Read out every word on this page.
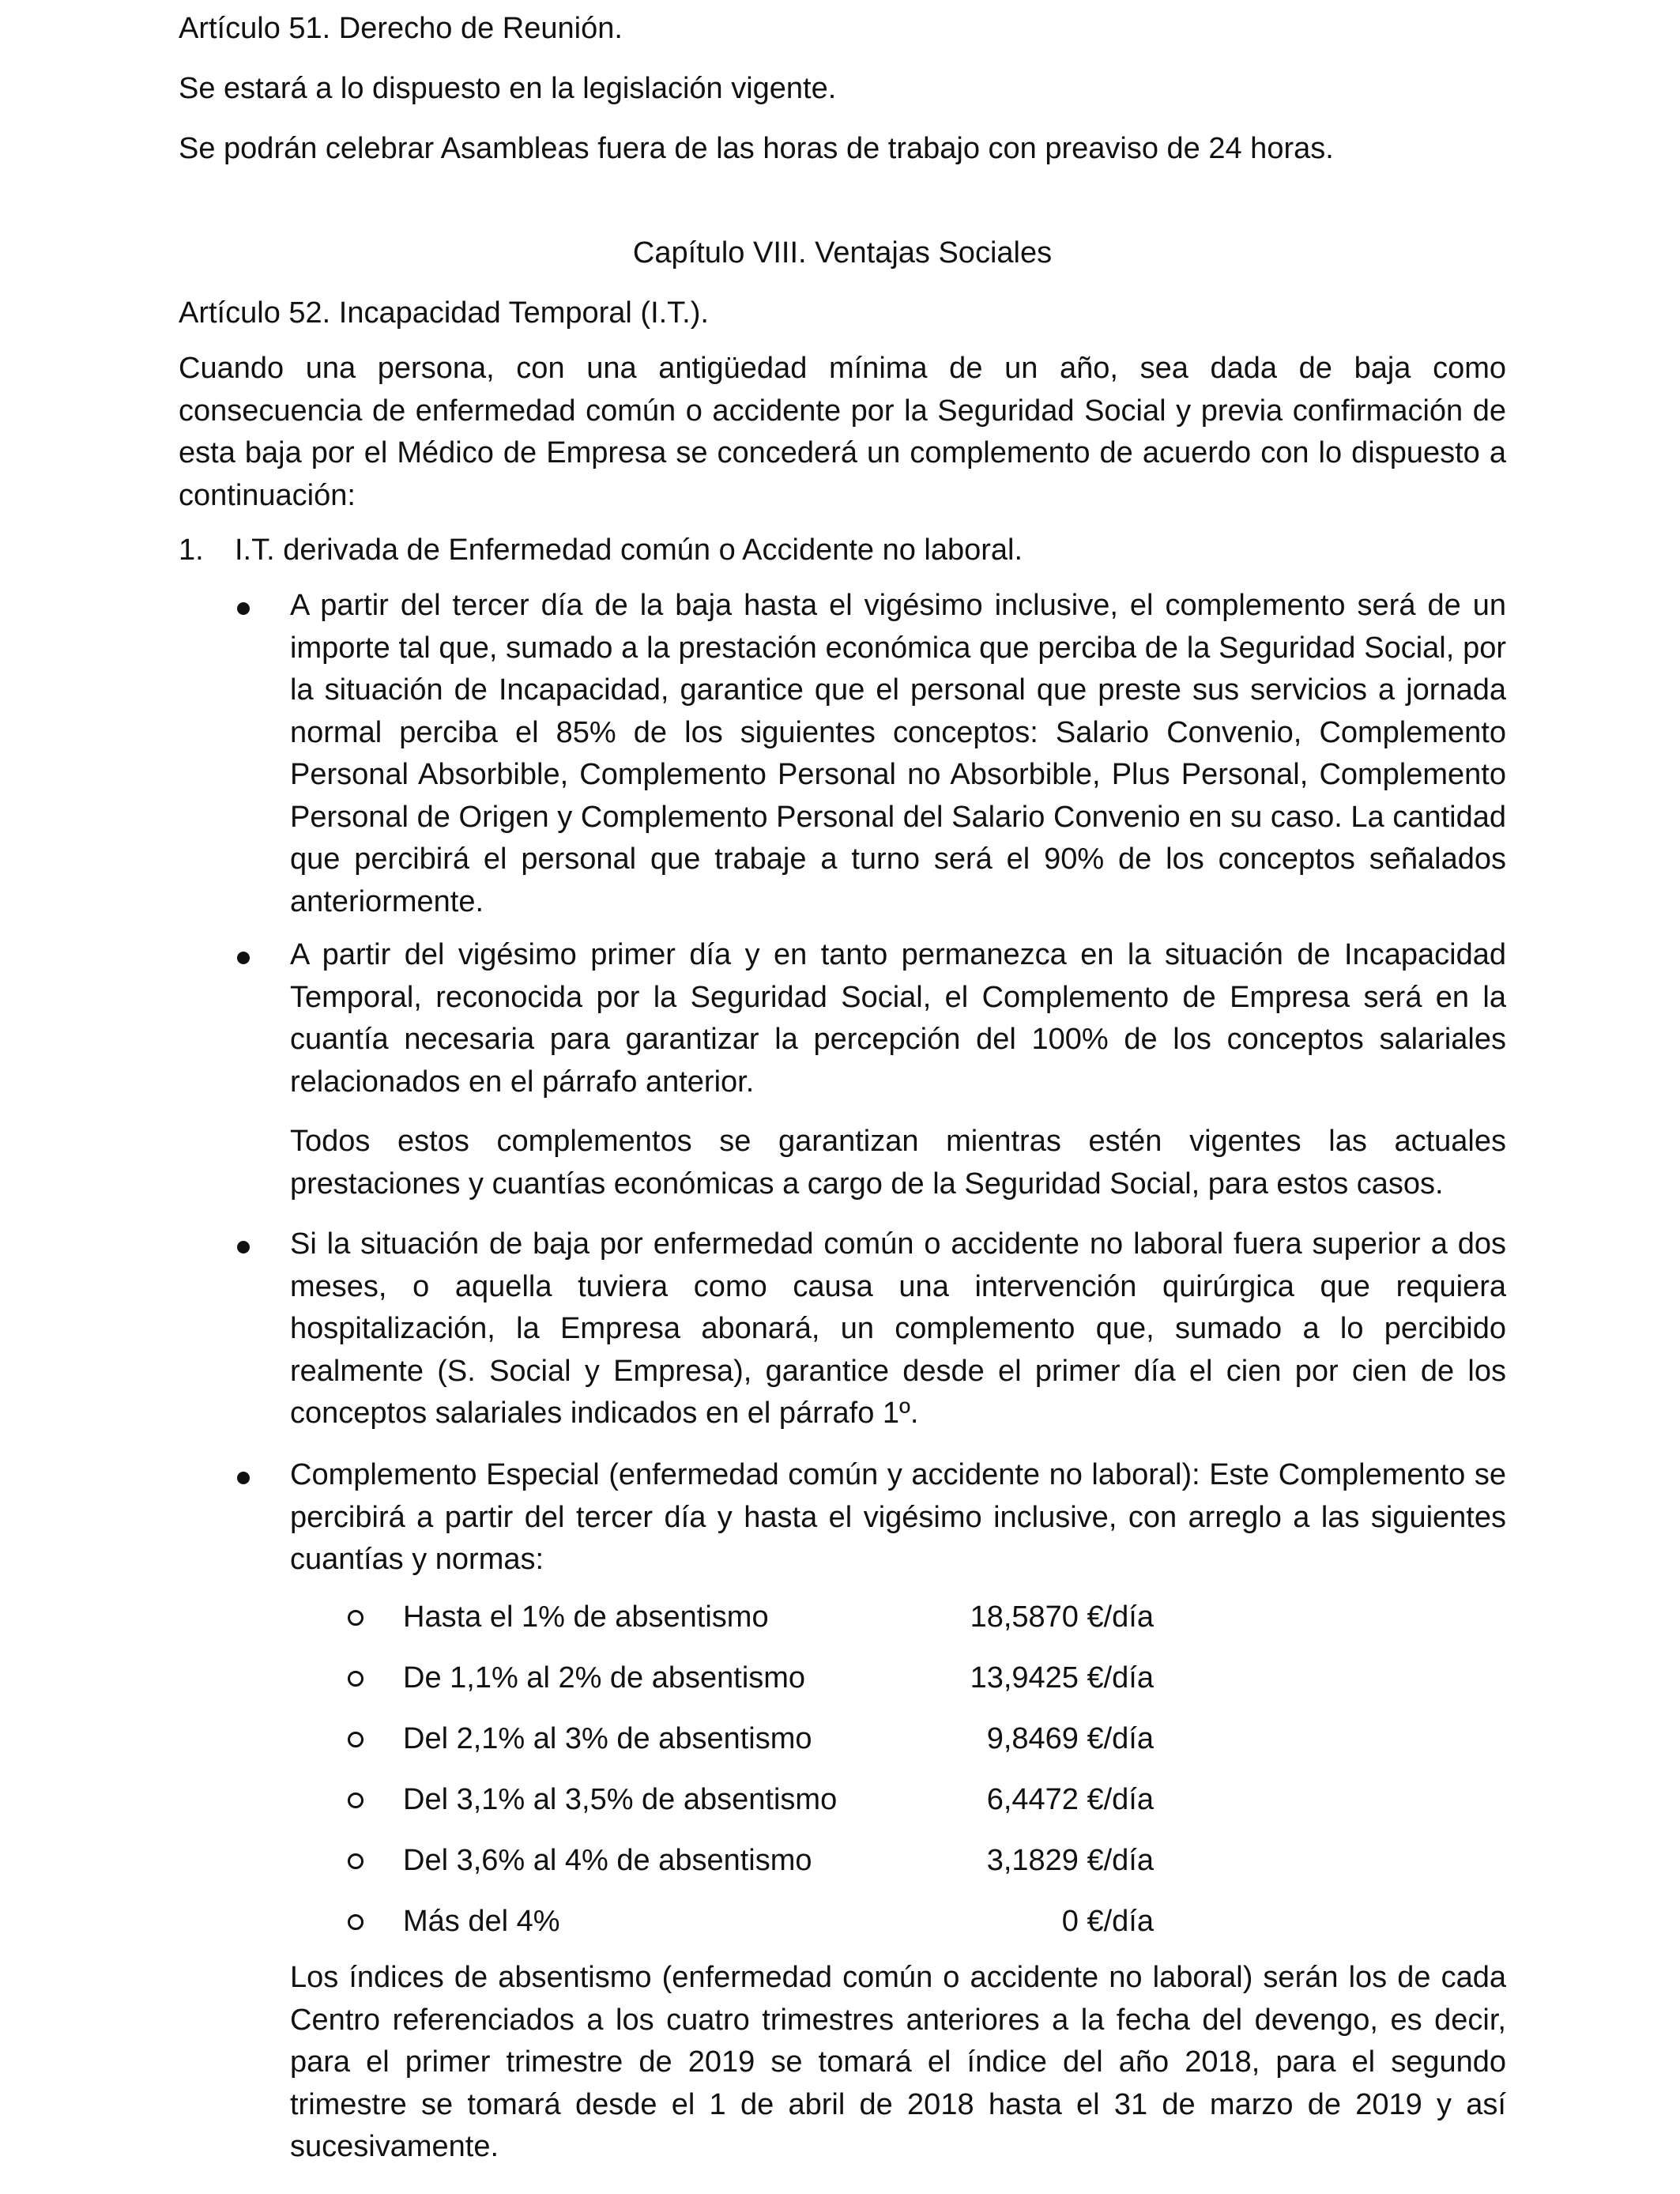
Artículo 51. Derecho de Reunión.

Se estará a lo dispuesto en la legislación vigente.

Se podrán celebrar Asambleas fuera de las horas de trabajo con preaviso de 24 horas.

Capítulo VIII. Ventajas Sociales

Artículo 52. Incapacidad Temporal (I.T.).

Cuando una persona, con una antigüedad mínima de un año, sea dada de baja como consecuencia de enfermedad común o accidente por la Seguridad Social y previa confirmación de esta baja por el Médico de Empresa se concederá un complemento de acuerdo con lo dispuesto a continuación:

1. I.T. derivada de Enfermedad común o Accidente no laboral.

A partir del tercer día de la baja hasta el vigésimo inclusive, el complemento será de un importe tal que, sumado a la prestación económica que perciba de la Seguridad Social, por la situación de Incapacidad, garantice que el personal que preste sus servicios a jornada normal perciba el 85% de los siguientes conceptos: Salario Convenio, Complemento Personal Absorbible, Complemento Personal no Absorbible, Plus Personal, Complemento Personal de Origen y Complemento Personal del Salario Convenio en su caso. La cantidad que percibirá el personal que trabaje a turno será el 90% de los conceptos señalados anteriormente.

A partir del vigésimo primer día y en tanto permanezca en la situación de Incapacidad Temporal, reconocida por la Seguridad Social, el Complemento de Empresa será en la cuantía necesaria para garantizar la percepción del 100% de los conceptos salariales relacionados en el párrafo anterior.

Todos estos complementos se garantizan mientras estén vigentes las actuales prestaciones y cuantías económicas a cargo de la Seguridad Social, para estos casos.

Si la situación de baja por enfermedad común o accidente no laboral fuera superior a dos meses, o aquella tuviera como causa una intervención quirúrgica que requiera hospitalización, la Empresa abonará, un complemento que, sumado a lo percibido realmente (S. Social y Empresa), garantice desde el primer día el cien por cien de los conceptos salariales indicados en el párrafo 1º.

Complemento Especial (enfermedad común y accidente no laboral): Este Complemento se percibirá a partir del tercer día y hasta el vigésimo inclusive, con arreglo a las siguientes cuantías y normas:

Hasta el 1% de absentismo	18,5870 €/día
De 1,1% al 2% de absentismo	13,9425 €/día
Del 2,1% al 3% de absentismo	9,8469 €/día
Del 3,1% al 3,5% de absentismo	6,4472 €/día
Del 3,6% al 4% de absentismo	3,1829 €/día
Más del 4%	0 €/día

Los índices de absentismo (enfermedad común o accidente no laboral) serán los de cada Centro referenciados a los cuatro trimestres anteriores a la fecha del devengo, es decir, para el primer trimestre de 2019 se tomará el índice del año 2018, para el segundo trimestre se tomará desde el 1 de abril de 2018 hasta el 31 de marzo de 2019 y así sucesivamente.
